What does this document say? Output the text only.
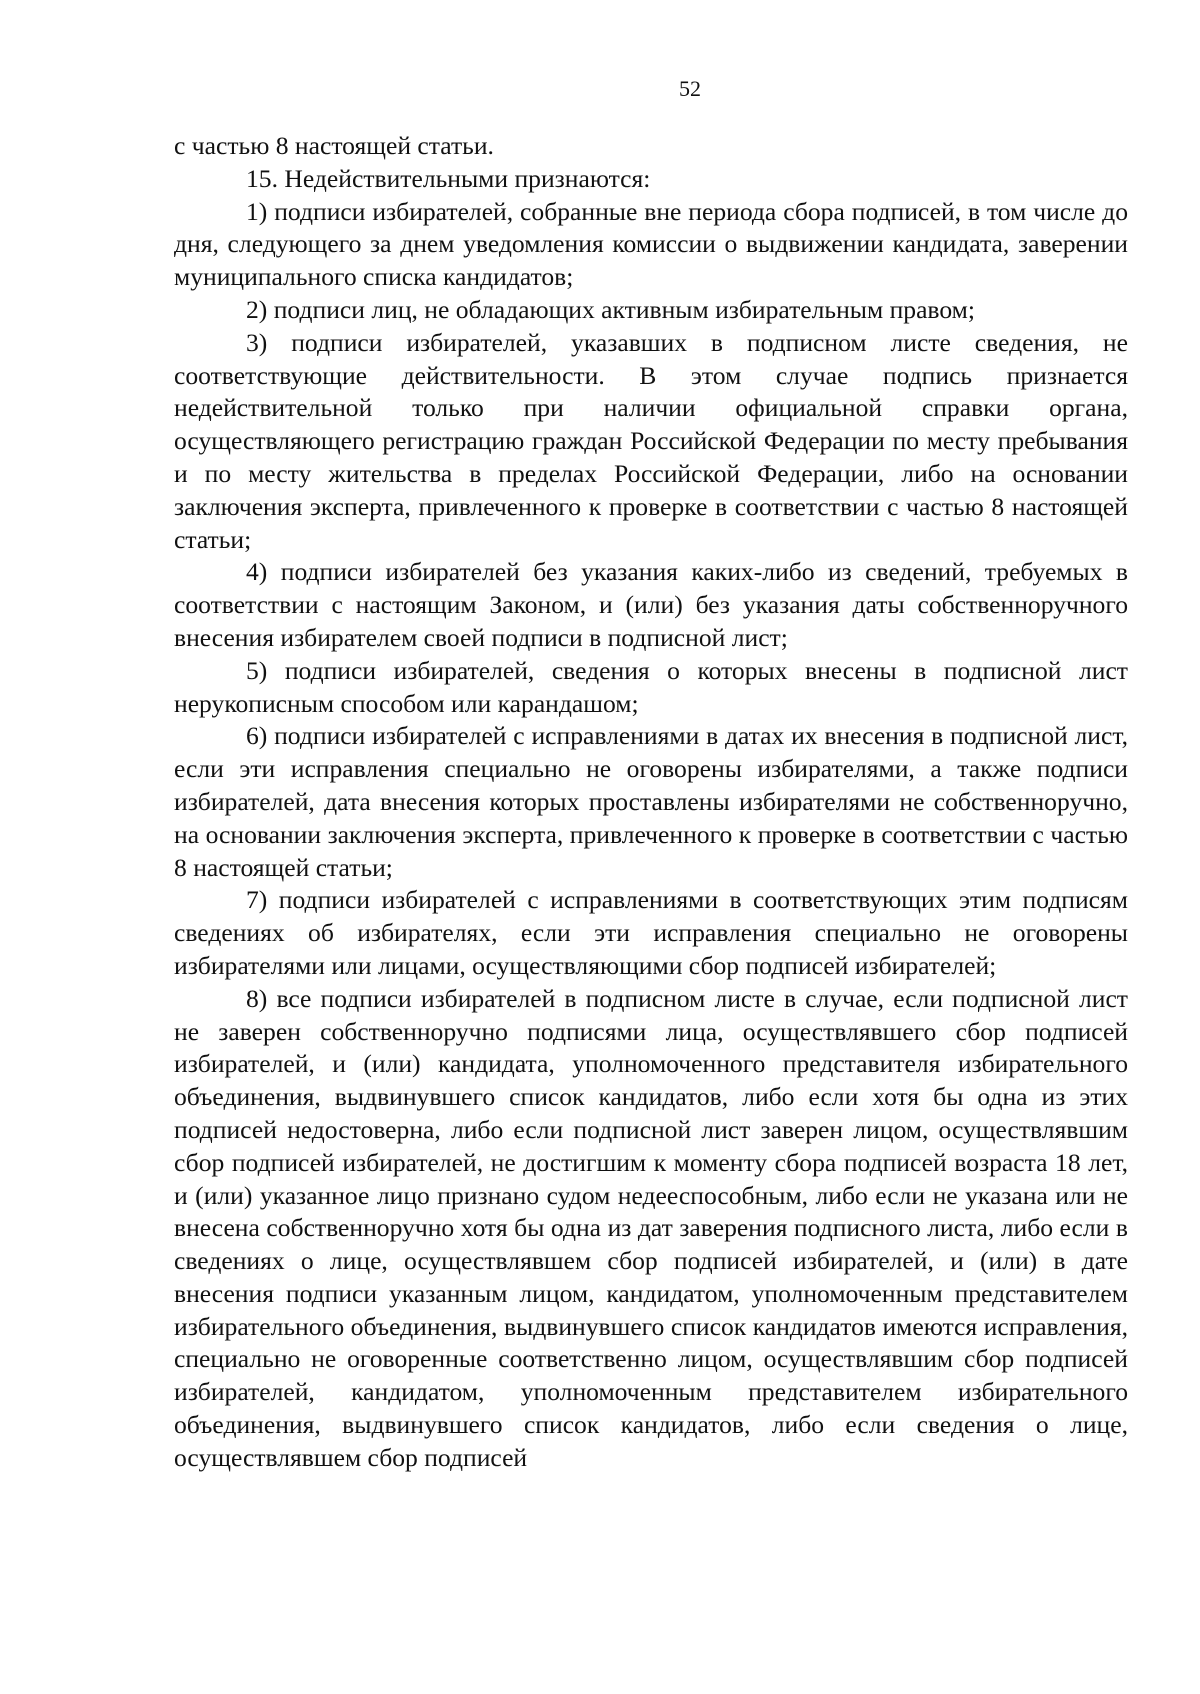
52

с частью 8 настоящей статьи.

15. Недействительными признаются:

1) подписи избирателей, собранные вне периода сбора подписей, в том числе до дня, следующего за днем уведомления комиссии о выдвижении кандидата, заверении муниципального списка кандидатов;

2) подписи лиц, не обладающих активным избирательным правом;

3) подписи избирателей, указавших в подписном листе сведения, не соответствующие действительности. В этом случае подпись признается недействительной только при наличии официальной справки органа, осуществляющего регистрацию граждан Российской Федерации по месту пребывания и по месту жительства в пределах Российской Федерации, либо на основании заключения эксперта, привлеченного к проверке в соответствии с частью 8 настоящей статьи;

4) подписи избирателей без указания каких-либо из сведений, требуемых в соответствии с настоящим Законом, и (или) без указания даты собственноручного внесения избирателем своей подписи в подписной лист;

5) подписи избирателей, сведения о которых внесены в подписной лист нерукописным способом или карандашом;

6) подписи избирателей с исправлениями в датах их внесения в подписной лист, если эти исправления специально не оговорены избирателями, а также подписи избирателей, дата внесения которых проставлены избирателями не собственноручно, на основании заключения эксперта, привлеченного к проверке в соответствии с частью 8 настоящей статьи;

7) подписи избирателей с исправлениями в соответствующих этим подписям сведениях об избирателях, если эти исправления специально не оговорены избирателями или лицами, осуществляющими сбор подписей избирателей;

8) все подписи избирателей в подписном листе в случае, если подписной лист не заверен собственноручно подписями лица, осуществлявшего сбор подписей избирателей, и (или) кандидата, уполномоченного представителя избирательного объединения, выдвинувшего список кандидатов, либо если хотя бы одна из этих подписей недостоверна, либо если подписной лист заверен лицом, осуществлявшим сбор подписей избирателей, не достигшим к моменту сбора подписей возраста 18 лет, и (или) указанное лицо признано судом недееспособным, либо если не указана или не внесена собственноручно хотя бы одна из дат заверения подписного листа, либо если в сведениях о лице, осуществлявшем сбор подписей избирателей, и (или) в дате внесения подписи указанным лицом, кандидатом, уполномоченным представителем избирательного объединения, выдвинувшего список кандидатов имеются исправления, специально не оговоренные соответственно лицом, осуществлявшим сбор подписей избирателей, кандидатом, уполномоченным представителем избирательного объединения, выдвинувшего список кандидатов, либо если сведения о лице, осуществлявшем сбор подписей
